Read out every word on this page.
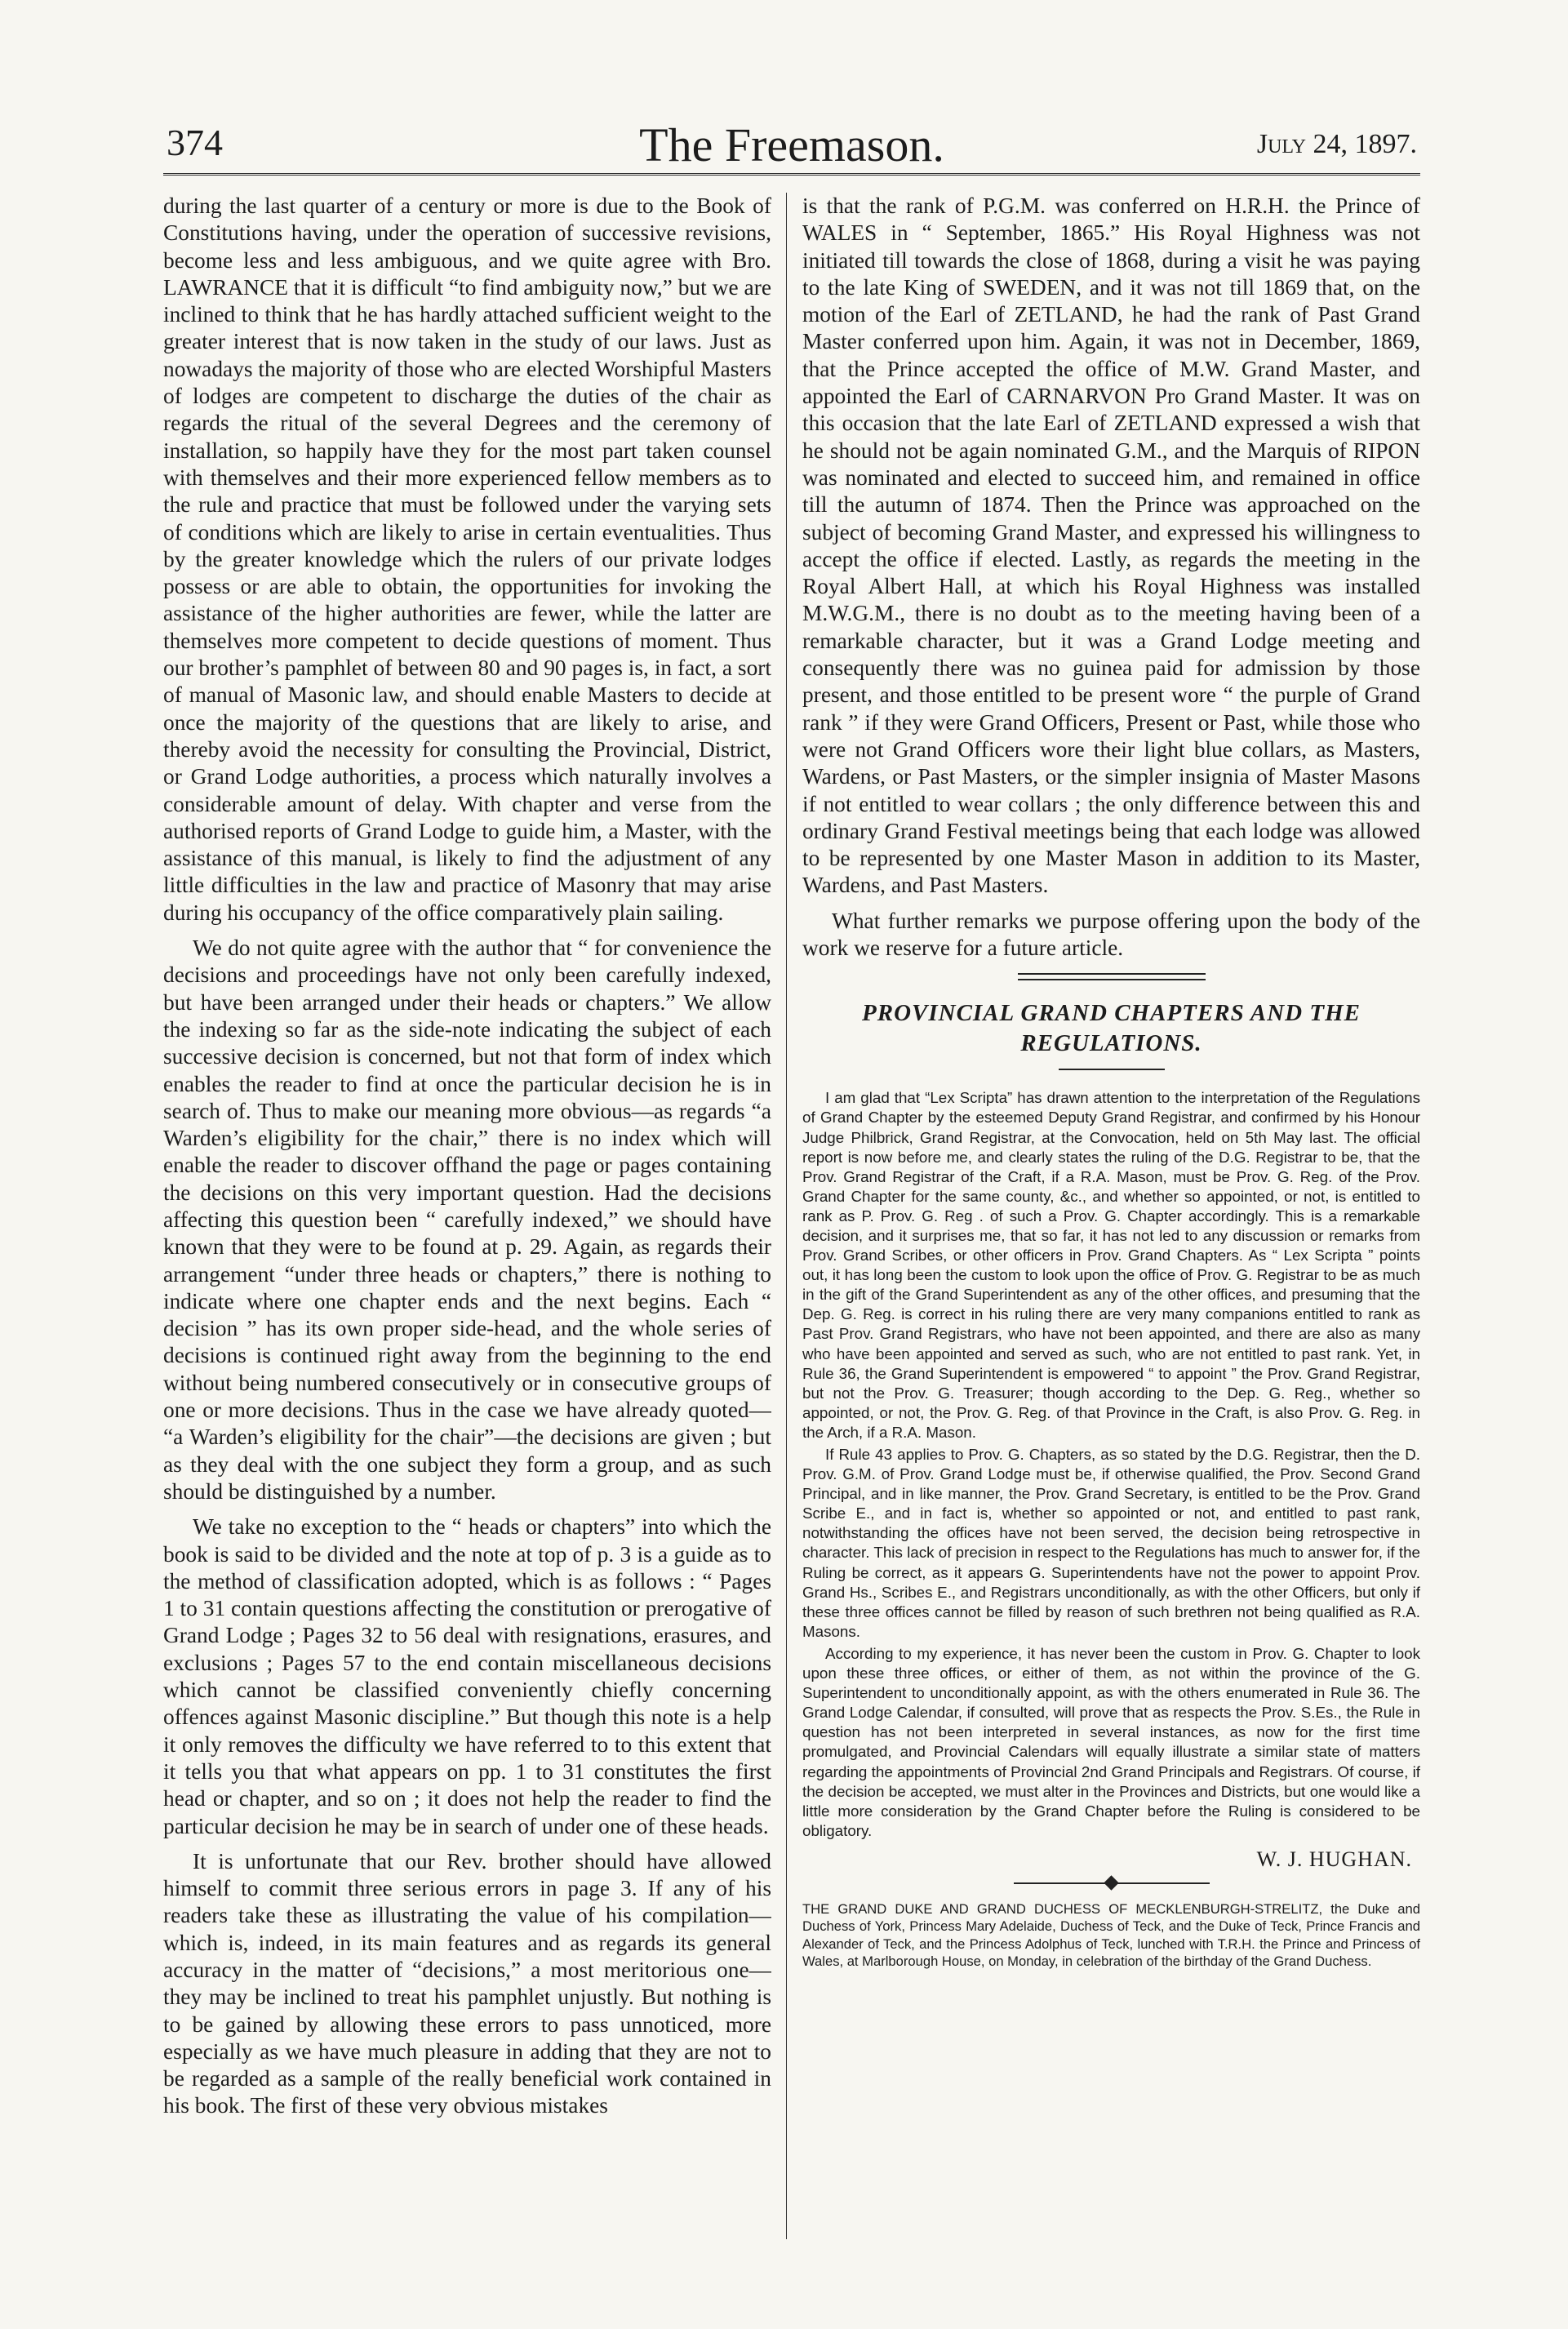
374	The Freemason.	July 24, 1897.

during the last quarter of a century or more is due to the Book of Constitutions having, under the operation of successive revisions, become less and less ambiguous, and we quite agree with Bro. LAWRANCE that it is difficult “to find ambiguity now,” but we are inclined to think that he has hardly attached sufficient weight to the greater interest that is now taken in the study of our laws. Just as nowadays the majority of those who are elected Worshipful Masters of lodges are competent to discharge the duties of the chair as regards the ritual of the several Degrees and the ceremony of installation, so happily have they for the most part taken counsel with themselves and their more experienced fellow members as to the rule and practice that must be followed under the varying sets of conditions which are likely to arise in certain eventualities. Thus by the greater knowledge which the rulers of our private lodges possess or are able to obtain, the opportunities for invoking the assistance of the higher authorities are fewer, while the latter are themselves more competent to decide questions of moment. Thus our brother’s pamphlet of between 80 and 90 pages is, in fact, a sort of manual of Masonic law, and should enable Masters to decide at once the majority of the questions that are likely to arise, and thereby avoid the necessity for consulting the Provincial, District, or Grand Lodge authorities, a process which naturally involves a considerable amount of delay. With chapter and verse from the authorised reports of Grand Lodge to guide him, a Master, with the assistance of this manual, is likely to find the adjustment of any little difficulties in the law and practice of Masonry that may arise during his occupancy of the office comparatively plain sailing.

We do not quite agree with the author that “ for convenience the decisions and proceedings have not only been carefully indexed, but have been arranged under their heads or chapters.” We allow the indexing so far as the side-note indicating the subject of each successive decision is concerned, but not that form of index which enables the reader to find at once the particular decision he is in search of. Thus to make our meaning more obvious—as regards “a Warden’s eligibility for the chair,” there is no index which will enable the reader to discover offhand the page or pages containing the decisions on this very important question. Had the decisions affecting this question been “ carefully indexed,” we should have known that they were to be found at p. 29. Again, as regards their arrangement “under three heads or chapters,” there is nothing to indicate where one chapter ends and the next begins. Each “ decision ” has its own proper side-head, and the whole series of decisions is continued right away from the beginning to the end without being numbered consecutively or in consecutive groups of one or more decisions. Thus in the case we have already quoted— “a Warden’s eligibility for the chair”—the decisions are given ; but as they deal with the one subject they form a group, and as such should be distinguished by a number.

We take no exception to the “ heads or chapters” into which the book is said to be divided and the note at top of p. 3 is a guide as to the method of classification adopted, which is as follows : “ Pages 1 to 31 contain questions affecting the constitution or prerogative of Grand Lodge ; Pages 32 to 56 deal with resignations, erasures, and exclusions ; Pages 57 to the end contain miscellaneous decisions which cannot be classified conveniently chiefly concerning offences against Masonic discipline.” But though this note is a help it only removes the difficulty we have referred to to this extent that it tells you that what appears on pp. 1 to 31 constitutes the first head or chapter, and so on ; it does not help the reader to find the particular decision he may be in search of under one of these heads.

It is unfortunate that our Rev. brother should have allowed himself to commit three serious errors in page 3. If any of his readers take these as illustrating the value of his compilation—which is, indeed, in its main features and as regards its general accuracy in the matter of “decisions,” a most meritorious one—they may be inclined to treat his pamphlet unjustly. But nothing is to be gained by allowing these errors to pass unnoticed, more especially as we have much pleasure in adding that they are not to be regarded as a sample of the really beneficial work contained in his book. The first of these very obvious mistakes

is that the rank of P.G.M. was conferred on H.R.H. the Prince of WALES in “ September, 1865.” His Royal Highness was not initiated till towards the close of 1868, during a visit he was paying to the late King of SWEDEN, and it was not till 1869 that, on the motion of the Earl of ZETLAND, he had the rank of Past Grand Master conferred upon him. Again, it was not in December, 1869, that the Prince accepted the office of M.W. Grand Master, and appointed the Earl of CARNARVON Pro Grand Master. It was on this occasion that the late Earl of ZETLAND expressed a wish that he should not be again nominated G.M., and the Marquis of RIPON was nominated and elected to succeed him, and remained in office till the autumn of 1874. Then the Prince was approached on the subject of becoming Grand Master, and expressed his willingness to accept the office if elected. Lastly, as regards the meeting in the Royal Albert Hall, at which his Royal Highness was installed M.W.G.M., there is no doubt as to the meeting having been of a remarkable character, but it was a Grand Lodge meeting and consequently there was no guinea paid for admission by those present, and those entitled to be present wore “ the purple of Grand rank ” if they were Grand Officers, Present or Past, while those who were not Grand Officers wore their light blue collars, as Masters, Wardens, or Past Masters, or the simpler insignia of Master Masons if not entitled to wear collars ; the only difference between this and ordinary Grand Festival meetings being that each lodge was allowed to be represented by one Master Mason in addition to its Master, Wardens, and Past Masters.

What further remarks we purpose offering upon the body of the work we reserve for a future article.

PROVINCIAL GRAND CHAPTERS AND THE
REGULATIONS.

I am glad that “Lex Scripta” has drawn attention to the interpretation of the Regulations of Grand Chapter by the esteemed Deputy Grand Registrar, and confirmed by his Honour Judge Philbrick, Grand Registrar, at the Convocation, held on 5th May last. The official report is now before me, and clearly states the ruling of the D.G. Registrar to be, that the Prov. Grand Registrar of the Craft, if a R.A. Mason, must be Prov. G. Reg. of the Prov. Grand Chapter for the same county, &c., and whether so appointed, or not, is entitled to rank as P. Prov. G. Reg . of such a Prov. G. Chapter accordingly. This is a remarkable decision, and it surprises me, that so far, it has not led to any discussion or remarks from Prov. Grand Scribes, or other officers in Prov. Grand Chapters. As “ Lex Scripta ” points out, it has long been the custom to look upon the office of Prov. G. Registrar to be as much in the gift of the Grand Superintendent as any of the other offices, and presuming that the Dep. G. Reg. is correct in his ruling there are very many companions entitled to rank as Past Prov. Grand Registrars, who have not been appointed, and there are also as many who have been appointed and served as such, who are not entitled to past rank. Yet, in Rule 36, the Grand Superintendent is empowered “ to appoint ” the Prov. Grand Registrar, but not the Prov. G. Treasurer; though according to the Dep. G. Reg., whether so appointed, or not, the Prov. G. Reg. of that Province in the Craft, is also Prov. G. Reg. in the Arch, if a R.A. Mason.

If Rule 43 applies to Prov. G. Chapters, as so stated by the D.G. Registrar, then the D. Prov. G.M. of Prov. Grand Lodge must be, if otherwise qualified, the Prov. Second Grand Principal, and in like manner, the Prov. Grand Secretary, is entitled to be the Prov. Grand Scribe E., and in fact is, whether so appointed or not, and entitled to past rank, notwithstanding the offices have not been served, the decision being retrospective in character. This lack of precision in respect to the Regulations has much to answer for, if the Ruling be correct, as it appears G. Superintendents have not the power to appoint Prov. Grand Hs., Scribes E., and Registrars unconditionally, as with the other Officers, but only if these three offices cannot be filled by reason of such brethren not being qualified as R.A. Masons.

According to my experience, it has never been the custom in Prov. G. Chapter to look upon these three offices, or either of them, as not within the province of the G. Superintendent to unconditionally appoint, as with the others enumerated in Rule 36. The Grand Lodge Calendar, if consulted, will prove that as respects the Prov. S.Es., the Rule in question has not been interpreted in several instances, as now for the first time promulgated, and Provincial Calendars will equally illustrate a similar state of matters regarding the appointments of Provincial 2nd Grand Principals and Registrars. Of course, if the decision be accepted, we must alter in the Provinces and Districts, but one would like a little more consideration by the Grand Chapter before the Ruling is considered to be obligatory.

W. J. HUGHAN.
THE GRAND DUKE AND GRAND DUCHESS OF MECKLENBURGH-STRELITZ, the Duke and Duchess of York, Princess Mary Adelaide, Duchess of Teck, and the Duke of Teck, Prince Francis and Alexander of Teck, and the Princess Adolphus of Teck, lunched with T.R.H. the Prince and Princess of Wales, at Marlborough House, on Monday, in celebration of the birthday of the Grand Duchess.
